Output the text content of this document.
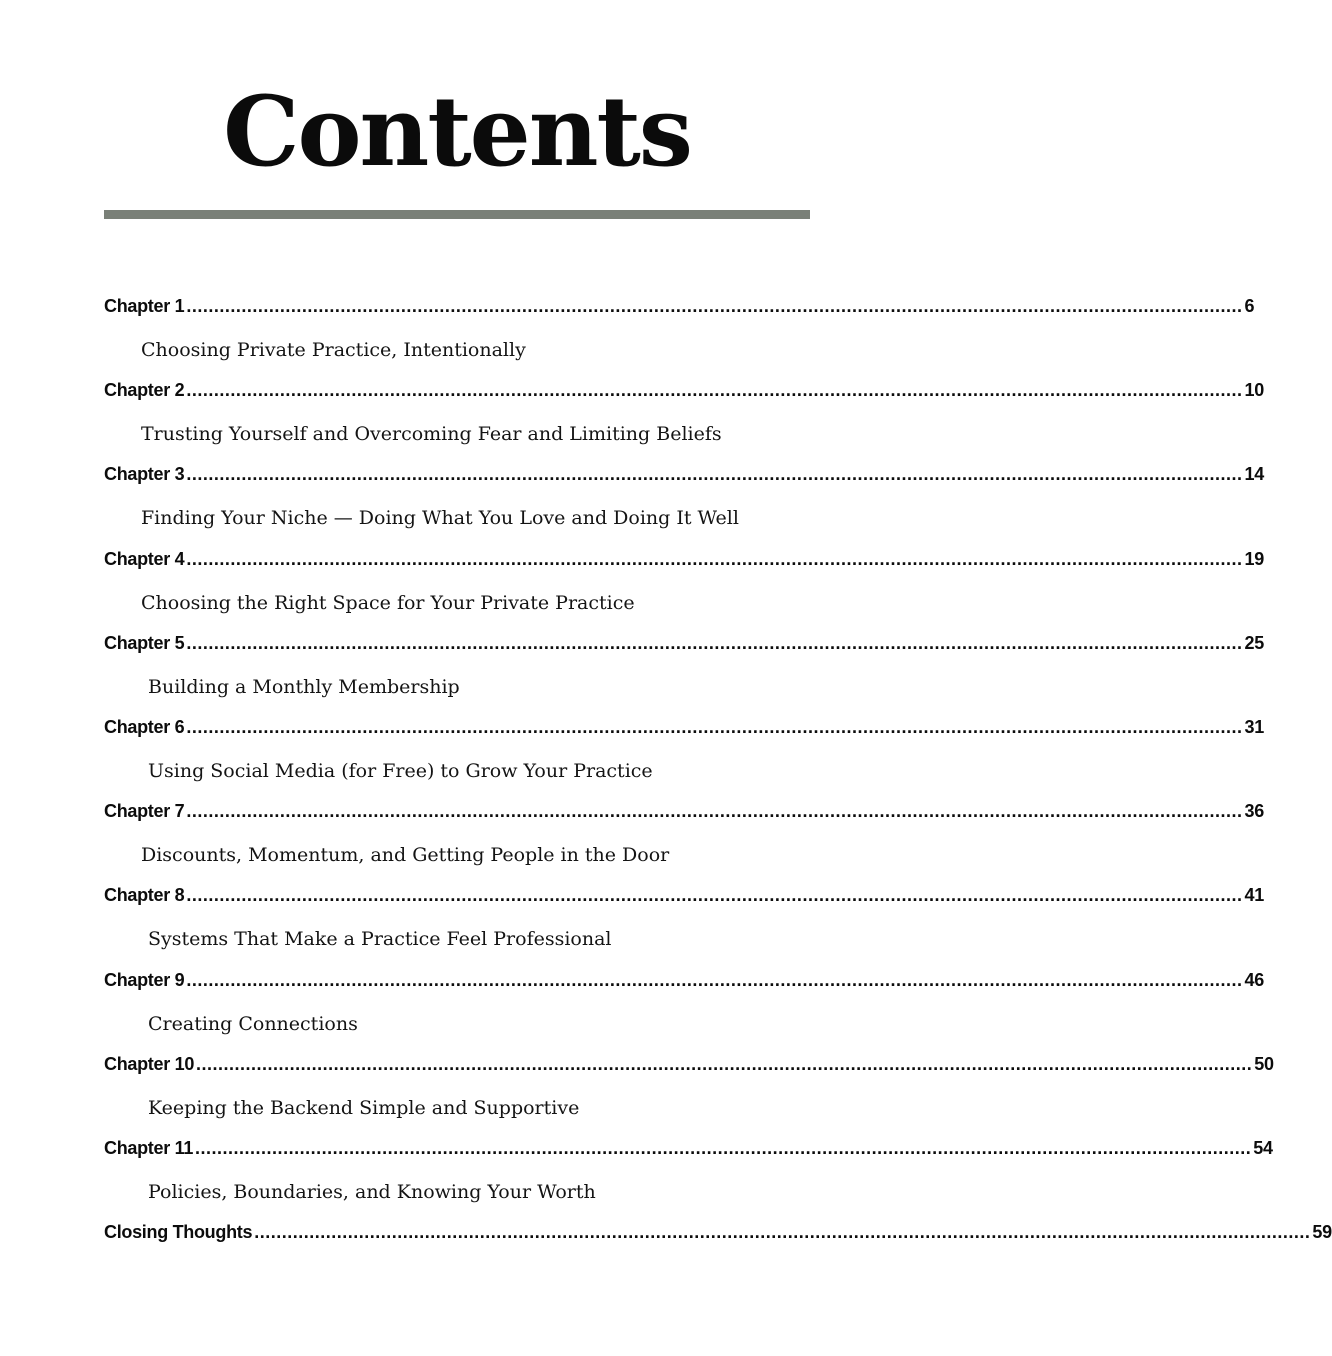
Contents
Chapter 1 ................................................................................................................................................................................................ 6
Choosing Private Practice, Intentionally
Chapter 2 ................................................................................................................................................................................................ 10
Trusting Yourself and Overcoming Fear and Limiting Beliefs
Chapter 3 ................................................................................................................................................................................................ 14
Finding Your Niche — Doing What You Love and Doing It Well
Chapter 4 ................................................................................................................................................................................................ 19
Choosing the Right Space for Your Private Practice
Chapter 5 ................................................................................................................................................................................................ 25
Building a Monthly Membership
Chapter 6 ................................................................................................................................................................................................ 31
Using Social Media (for Free) to Grow Your Practice
Chapter 7 ................................................................................................................................................................................................ 36
Discounts, Momentum, and Getting People in the Door
Chapter 8 ................................................................................................................................................................................................ 41
Systems That Make a Practice Feel Professional
Chapter 9 ................................................................................................................................................................................................ 46
Creating Connections
Chapter 10 ................................................................................................................................................................................................ 50
Keeping the Backend Simple and Supportive
Chapter 11 ................................................................................................................................................................................................ 54
Policies, Boundaries, and Knowing Your Worth
Closing Thoughts ................................................................................................................................................................................................ 59
